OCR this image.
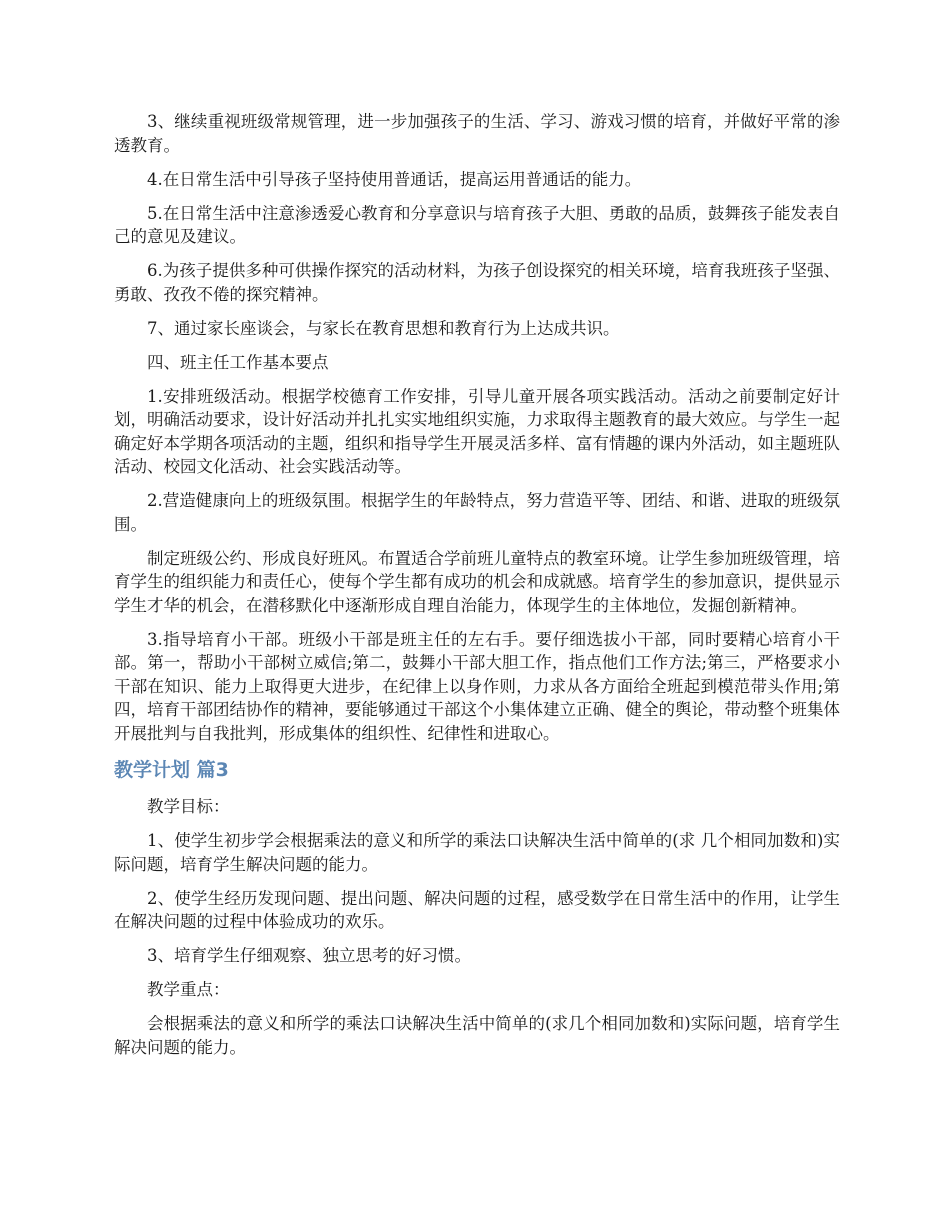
3、继续重视班级常规管理，进一步加强孩子的生活、学习、游戏习惯的培育，并做好平常的渗透教育。

4.在日常生活中引导孩子坚持使用普通话，提高运用普通话的能力。

5.在日常生活中注意渗透爱心教育和分享意识与培育孩子大胆、勇敢的品质，鼓舞孩子能发表自己的意见及建议。

6.为孩子提供多种可供操作探究的活动材料，为孩子创设探究的相关环境，培育我班孩子坚强、勇敢、孜孜不倦的探究精神。

7、通过家长座谈会，与家长在教育思想和教育行为上达成共识。

四、班主任工作基本要点

1.安排班级活动。根据学校德育工作安排，引导儿童开展各项实践活动。活动之前要制定好计划，明确活动要求，设计好活动并扎扎实实地组织实施，力求取得主题教育的最大效应。与学生一起确定好本学期各项活动的主题，组织和指导学生开展灵活多样、富有情趣的课内外活动，如主题班队活动、校园文化活动、社会实践活动等。

2.营造健康向上的班级氛围。根据学生的年龄特点，努力营造平等、团结、和谐、进取的班级氛围。

制定班级公约、形成良好班风。布置适合学前班儿童特点的教室环境。让学生参加班级管理，培育学生的组织能力和责任心，使每个学生都有成功的机会和成就感。培育学生的参加意识，提供显示学生才华的机会，在潜移默化中逐渐形成自理自治能力，体现学生的主体地位，发掘创新精神。

3.指导培育小干部。班级小干部是班主任的左右手。要仔细选拔小干部，同时要精心培育小干部。第一，帮助小干部树立威信;第二，鼓舞小干部大胆工作，指点他们工作方法;第三，严格要求小干部在知识、能力上取得更大进步，在纪律上以身作则，力求从各方面给全班起到模范带头作用;第四，培育干部团结协作的精神，要能够通过干部这个小集体建立正确、健全的舆论，带动整个班集体开展批判与自我批判，形成集体的组织性、纪律性和进取心。

教学计划 篇3

教学目标：

1、使学生初步学会根据乘法的意义和所学的乘法口诀解决生活中简单的(求 几个相同加数和)实际问题，培育学生解决问题的能力。

2、使学生经历发现问题、提出问题、解决问题的过程，感受数学在日常生活中的作用，让学生在解决问题的过程中体验成功的欢乐。

3、培育学生仔细观察、独立思考的好习惯。

教学重点：

会根据乘法的意义和所学的乘法口诀解决生活中简单的(求几个相同加数和)实际问题，培育学生解决问题的能力。
